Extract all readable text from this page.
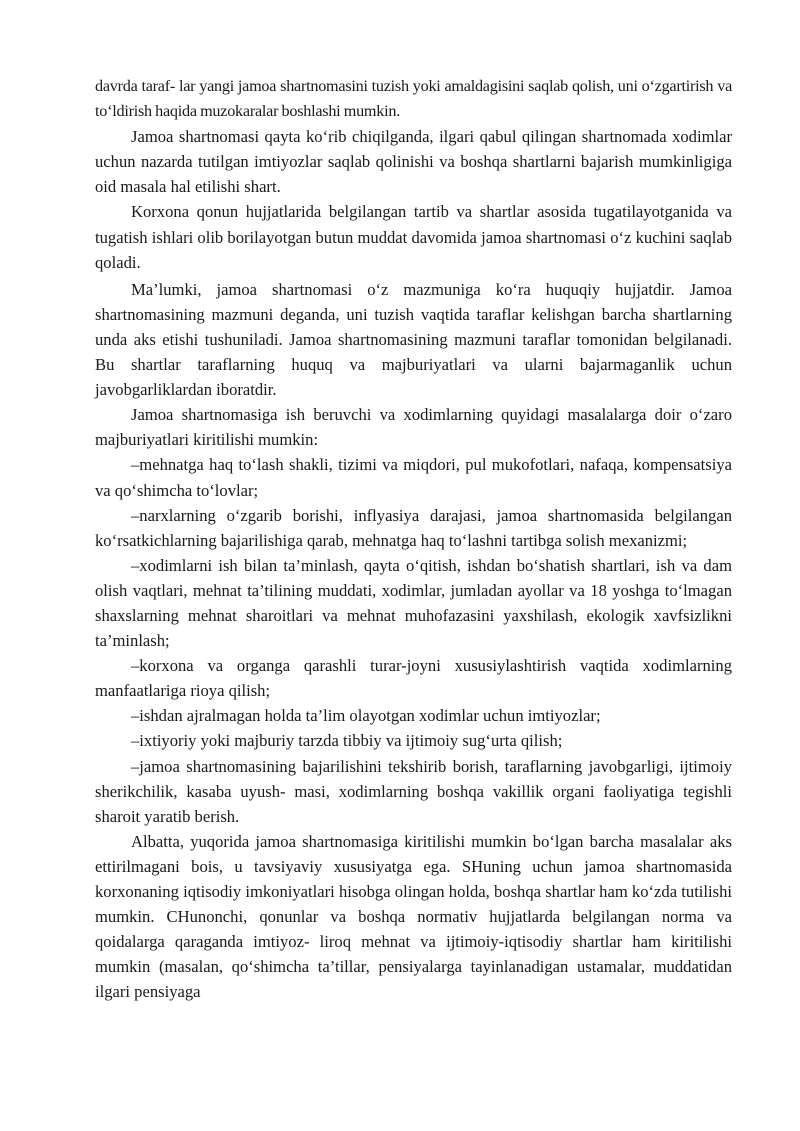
davrda taraf- lar yangi jamoa shartnomasini tuzish yoki amaldagisini saqlab qolish, uni o‘zgartirish va to‘ldirish haqida muzokaralar boshlashi mumkin.

Jamoa shartnomasi qayta ko‘rib chiqilganda, ilgari qabul qilingan shartnomada xodimlar uchun nazarda tutilgan imtiyozlar saqlab qolinishi va boshqa shartlarni bajarish mumkinligiga oid masala hal etilishi shart.

Korxona qonun hujjatlarida belgilangan tartib va shartlar asosida tugatilayotganida va tugatish ishlari olib borilayotgan butun muddat davomida jamoa shartnomasi o‘z kuchini saqlab qoladi.

Ma’lumki, jamoa shartnomasi o‘z mazmuniga ko‘ra huquqiy hujjatdir. Jamoa shartnomasining mazmuni deganda, uni tuzish vaqtida taraflar kelishgan barcha shartlarning unda aks etishi tushuniladi. Jamoa shartnomasining mazmuni taraflar tomonidan belgilanadi. Bu shartlar taraflarning huquq va majburiyatlari va ularni bajarmaganlik uchun javobgarliklardan iboratdir.

Jamoa shartnomasiga ish beruvchi va xodimlarning quyidagi masalalarga doir o‘zaro majburiyatlari kiritilishi mumkin:

–mehnatga haq to‘lash shakli, tizimi va miqdori, pul mukofotlari, nafaqa, kompensatsiya va qo‘shimcha to‘lovlar;

–narxlarning o‘zgarib borishi, inflyasiya darajasi, jamoa shartnomasida belgilangan ko‘rsatkichlarning bajarilishiga qarab, mehnatga haq to‘lashni tartibga solish mexanizmi;

–xodimlarni ish bilan ta’minlash, qayta o‘qitish, ishdan bo‘shatish shartlari, ish va dam olish vaqtlari, mehnat ta’tilining muddati, xodimlar, jumladan ayollar va 18 yoshga to‘lmagan shaxslarning mehnat sharoitlari va mehnat muhofazasini yaxshilash, ekologik xavfsizlikni ta’minlash;

–korxona va organga qarashli turar-joyni xususiylashtirish vaqtida xodimlarning manfaatlariga rioya qilish;

–ishdan ajralmagan holda ta’lim olayotgan xodimlar uchun imtiyozlar;

–ixtiyoriy yoki majburiy tarzda tibbiy va ijtimoiy sug‘urta qilish;

–jamoa shartnomasining bajarilishini tekshirib borish, taraflarning javobgarligi, ijtimoiy sherikchilik, kasaba uyush- masi, xodimlarning boshqa vakillik organi faoliyatiga tegishli sharoit yaratib berish.

Albatta, yuqorida jamoa shartnomasiga kiritilishi mumkin bo‘lgan barcha masalalar aks ettirilmagani bois, u tavsiyaviy xususiyatga ega. SHuning uchun jamoa shartnomasida korxonaning iqtisodiy imkoniyatlari hisobga olingan holda, boshqa shartlar ham ko‘zda tutilishi mumkin. CHunonchi, qonunlar va boshqa normativ hujjatlarda belgilangan norma va qoidalarga qaraganda imtiyoz- liroq mehnat va ijtimoiy-iqtisodiy shartlar ham kiritilishi mumkin (masalan, qo‘shimcha ta’tillar, pensiyalarga tayinlanadigan ustamalar, muddatidan ilgari pensiyaga
